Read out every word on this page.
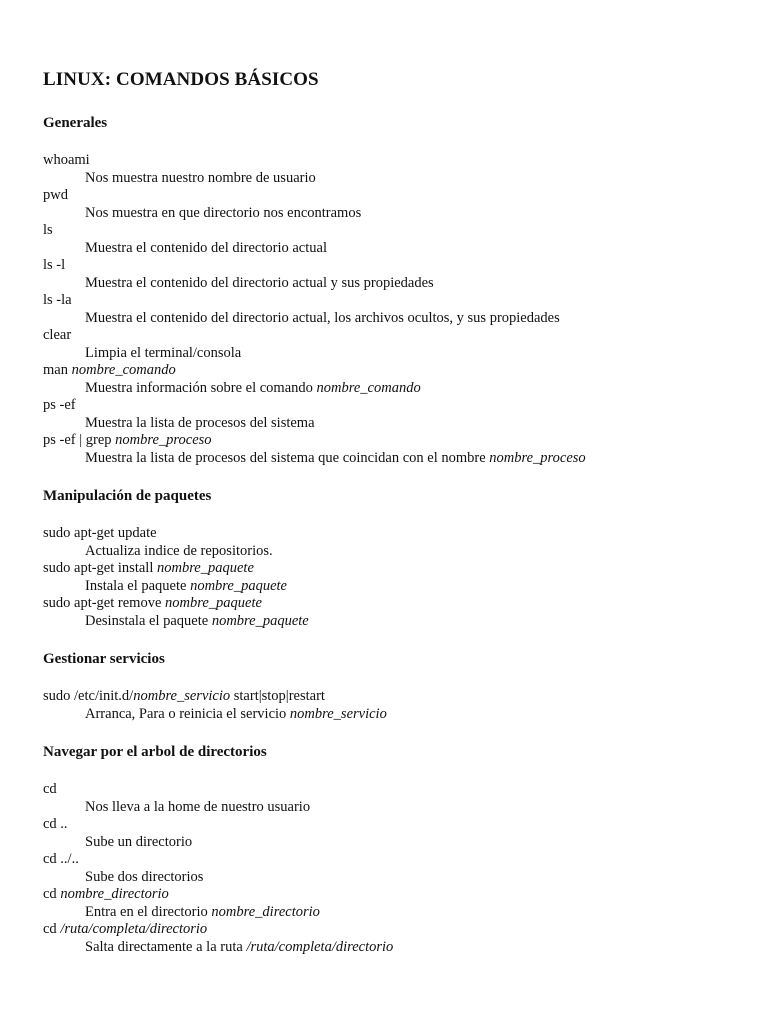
LINUX: COMANDOS BÁSICOS
Generales
whoami
Nos muestra nuestro nombre de usuario
pwd
Nos muestra en que directorio nos encontramos
ls
Muestra el contenido del directorio actual
ls -l
Muestra el contenido del directorio actual y sus propiedades
ls -la
Muestra el contenido del directorio actual, los archivos ocultos, y sus propiedades
clear
Limpia el terminal/consola
man nombre_comando
Muestra información sobre el comando nombre_comando
ps -ef
Muestra la lista de procesos del sistema
ps -ef | grep nombre_proceso
Muestra la lista de procesos del sistema que coincidan con el nombre nombre_proceso
Manipulación de paquetes
sudo apt-get update
Actualiza indice de repositorios.
sudo apt-get install nombre_paquete
Instala el paquete nombre_paquete
sudo apt-get remove nombre_paquete
Desinstala el paquete nombre_paquete
Gestionar servicios
sudo /etc/init.d/nombre_servicio start|stop|restart
Arranca, Para o reinicia el servicio nombre_servicio
Navegar por el arbol de directorios
cd
Nos lleva a la home de nuestro usuario
cd ..
Sube un directorio
cd ../..
Sube dos directorios
cd nombre_directorio
Entra en el directorio nombre_directorio
cd /ruta/completa/directorio
Salta directamente a la ruta /ruta/completa/directorio
